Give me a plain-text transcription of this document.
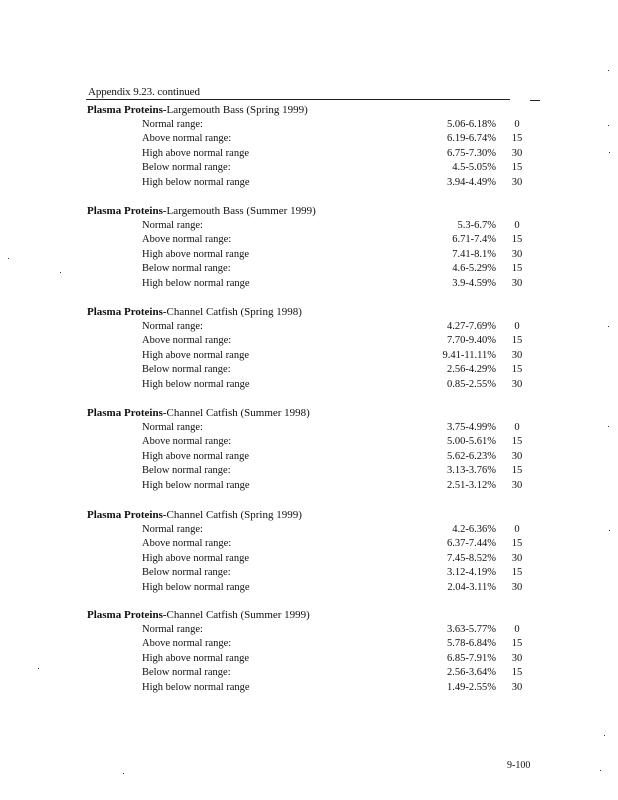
Appendix 9.23. continued
Plasma Proteins-Largemouth Bass (Spring 1999)
Normal range:	5.06-6.18%	0
Above normal range:	6.19-6.74%	15
High above normal range	6.75-7.30%	30
Below normal range:	4.5-5.05%	15
High below normal range	3.94-4.49%	30
Plasma Proteins-Largemouth Bass (Summer 1999)
Normal range:	5.3-6.7%	0
Above normal range:	6.71-7.4%	15
High above normal range	7.41-8.1%	30
Below normal range:	4.6-5.29%	15
High below normal range	3.9-4.59%	30
Plasma Proteins-Channel Catfish (Spring 1998)
Normal range:	4.27-7.69%	0
Above normal range:	7.70-9.40%	15
High above normal range	9.41-11.11%	30
Below normal range:	2.56-4.29%	15
High below normal range	0.85-2.55%	30
Plasma Proteins-Channel Catfish (Summer 1998)
Normal range:	3.75-4.99%	0
Above normal range:	5.00-5.61%	15
High above normal range	5.62-6.23%	30
Below normal range:	3.13-3.76%	15
High below normal range	2.51-3.12%	30
Plasma Proteins-Channel Catfish (Spring 1999)
Normal range:	4.2-6.36%	0
Above normal range:	6.37-7.44%	15
High above normal range	7.45-8.52%	30
Below normal range:	3.12-4.19%	15
High below normal range	2.04-3.11%	30
Plasma Proteins-Channel Catfish (Summer 1999)
Normal range:	3.63-5.77%	0
Above normal range:	5.78-6.84%	15
High above normal range	6.85-7.91%	30
Below normal range:	2.56-3.64%	15
High below normal range	1.49-2.55%	30
9-100
